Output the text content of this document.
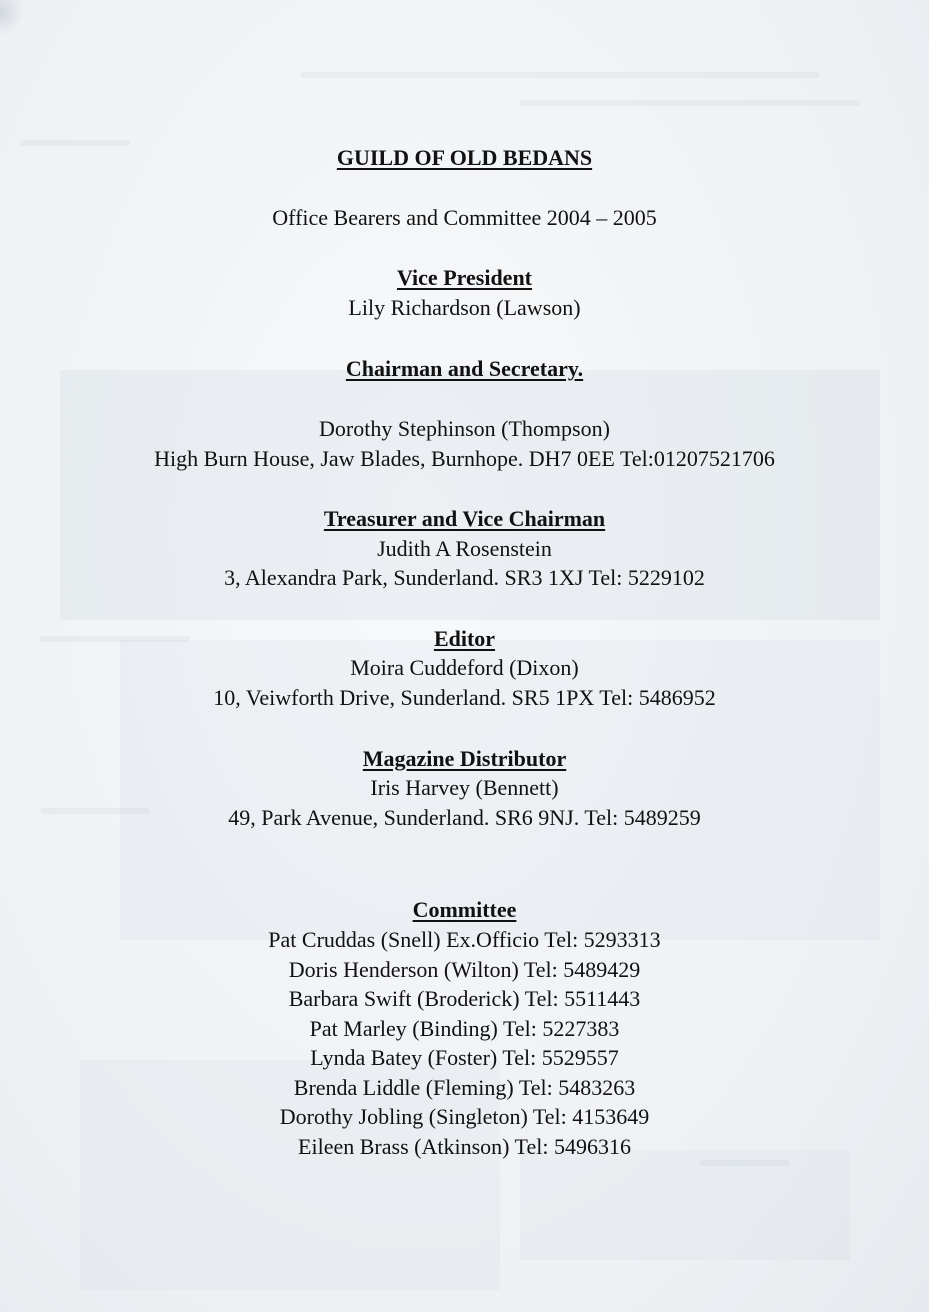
GUILD OF OLD BEDANS
Office Bearers and Committee 2004 – 2005
Vice President
Lily Richardson (Lawson)
Chairman and Secretary.
Dorothy Stephinson (Thompson)
High Burn House, Jaw Blades, Burnhope. DH7 0EE Tel:01207521706
Treasurer and Vice Chairman
Judith A Rosenstein
3, Alexandra Park, Sunderland. SR3 1XJ Tel: 5229102
Editor
Moira Cuddeford (Dixon)
10, Veiwforth Drive, Sunderland. SR5 1PX Tel: 5486952
Magazine Distributor
Iris Harvey (Bennett)
49, Park Avenue, Sunderland. SR6 9NJ. Tel: 5489259
Committee
Pat Cruddas (Snell) Ex.Officio Tel: 5293313
Doris Henderson (Wilton) Tel: 5489429
Barbara Swift (Broderick) Tel: 5511443
Pat Marley (Binding) Tel: 5227383
Lynda Batey (Foster) Tel: 5529557
Brenda Liddle (Fleming) Tel: 5483263
Dorothy Jobling (Singleton) Tel: 4153649
Eileen Brass (Atkinson) Tel: 5496316
